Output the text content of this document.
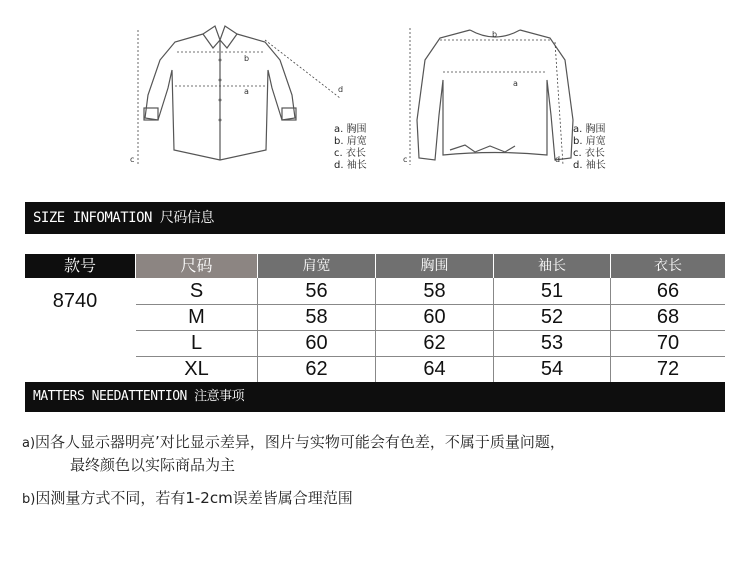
b
a
c
d
a. 胸围
b. 肩宽
c. 衣长
d. 袖长
b
a
c	d
a. 胸围
b. 肩宽
c. 衣长
d. 袖长
SIZE INFOMATION 尺码信息
款号	尺码	肩宽	胸围	袖长	衣长
8740	S	56	58	51	66
M	58	60	52	68
L	60	62	53	70
XL	62	64	54	72
MATTERS NEEDATTENTION 注意事项
a)因各人显示器明亮’对比显示差异，图片与实物可能会有色差，不属于质量问题，
最终颜色以实际商品为主
b)因测量方式不同，若有1-2cm误差皆属合理范围
